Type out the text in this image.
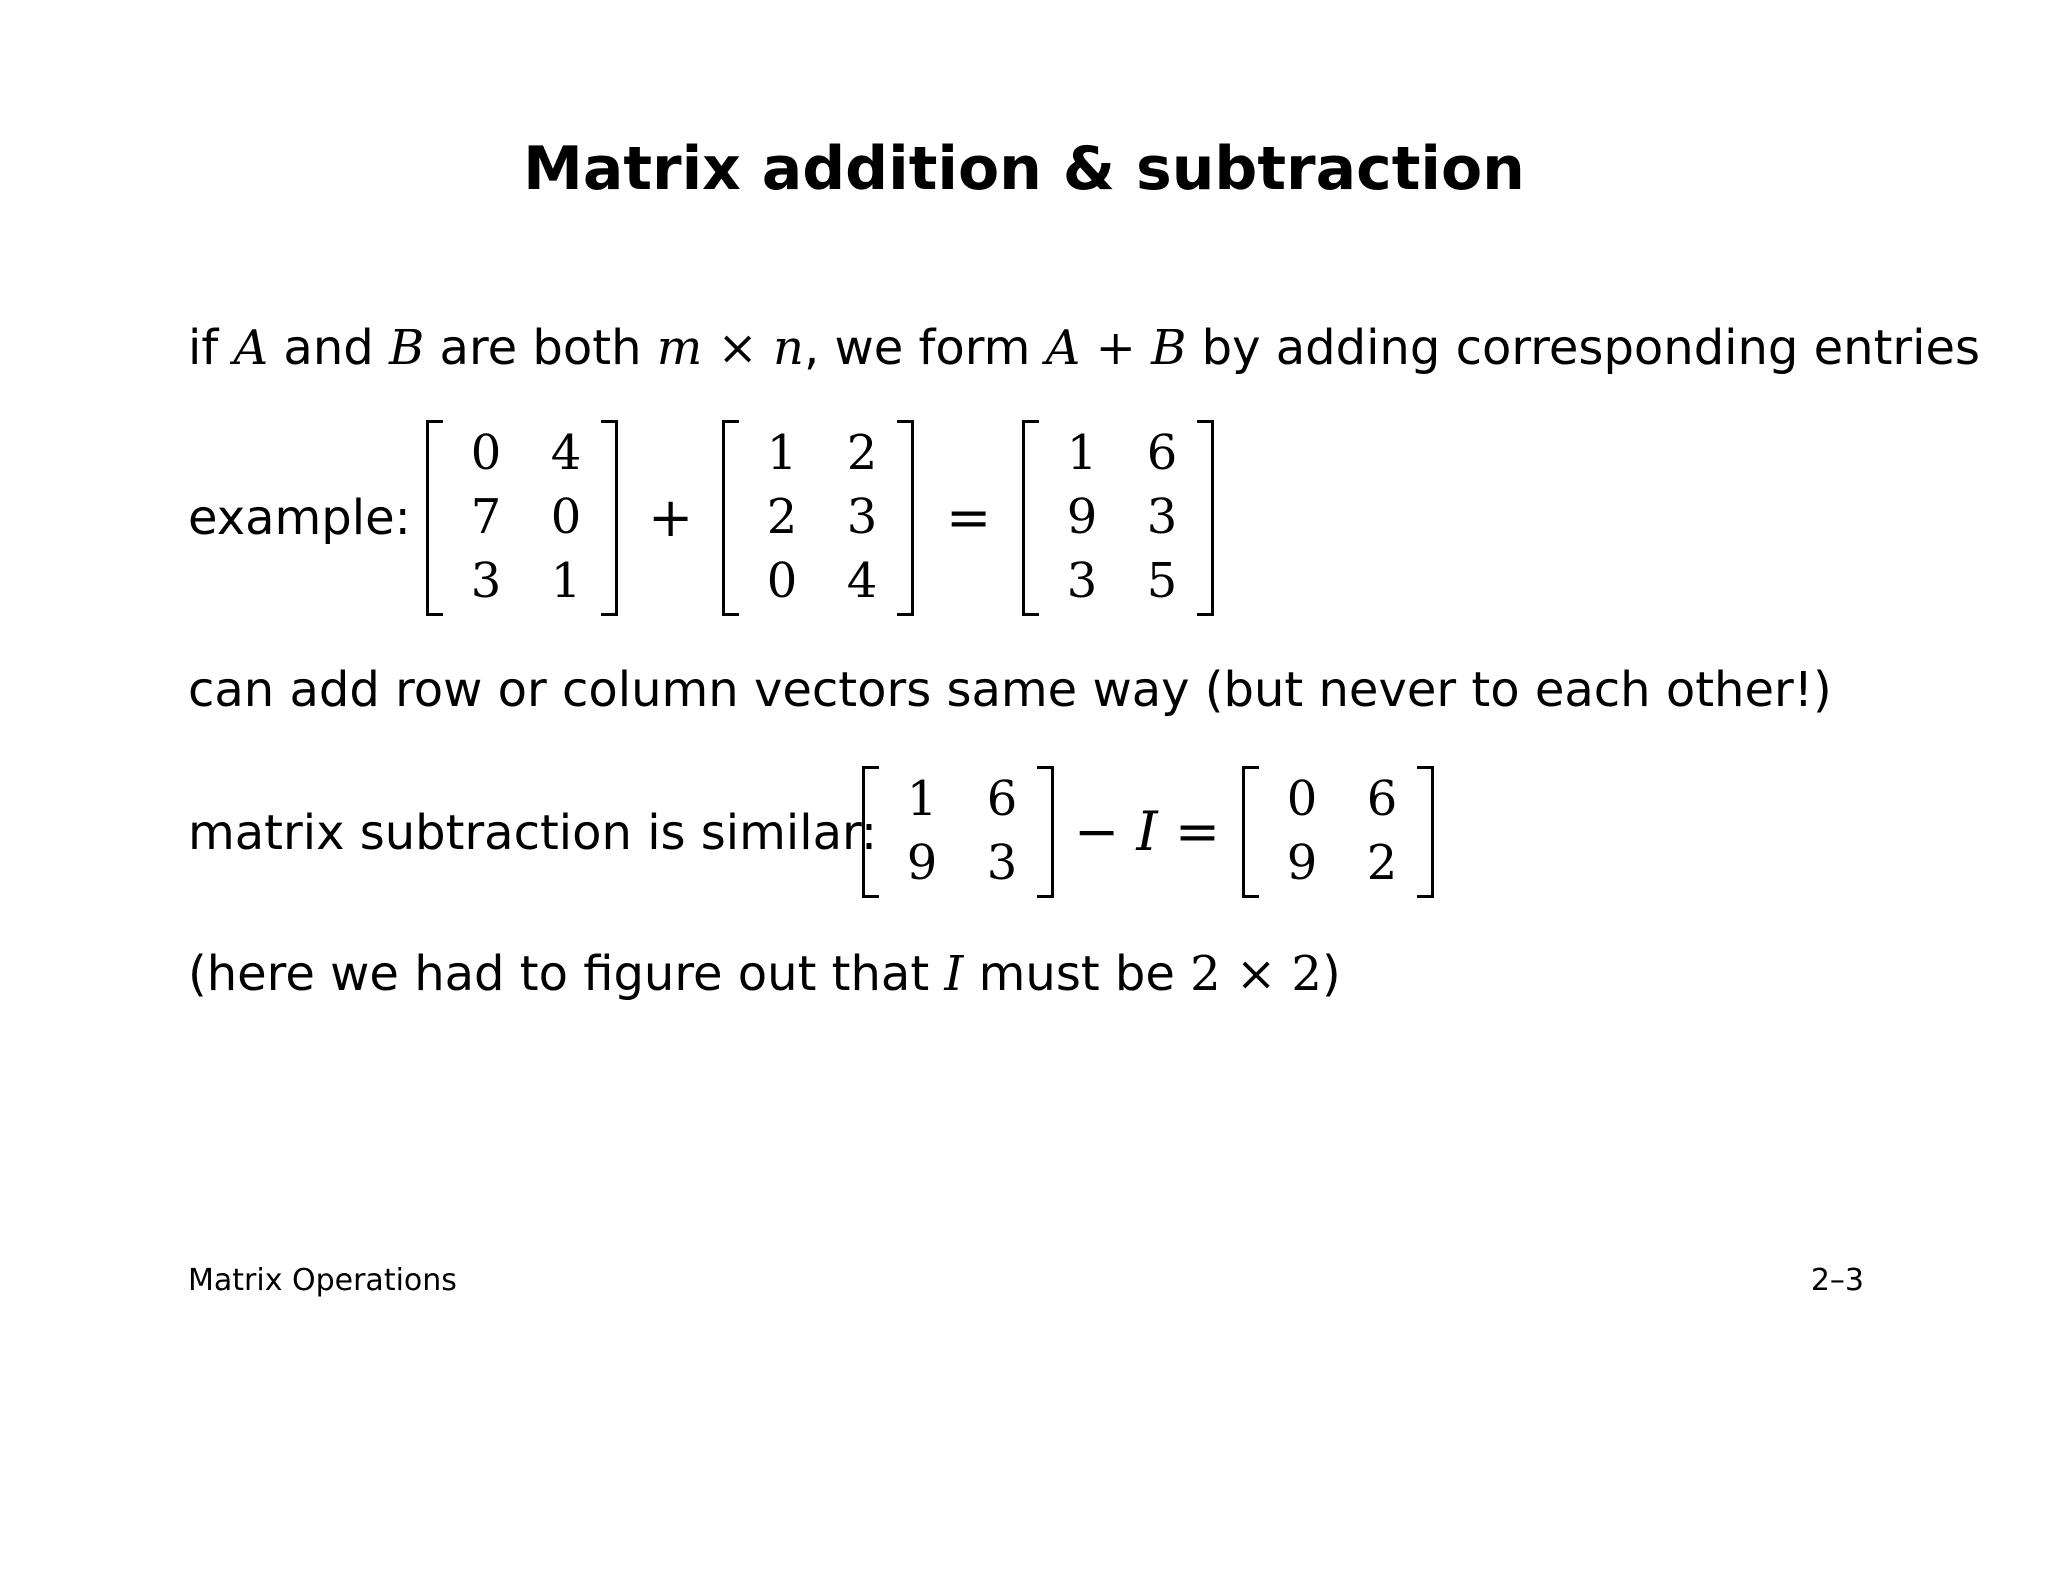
Matrix addition & subtraction
if A and B are both m × n, we form A + B by adding corresponding entries
example:
0	4
7	0
3	1
+
1	2
2	3
0	4
=
1	6
9	3
3	5
can add row or column vectors same way (but never to each other!)
matrix subtraction is similar:
1	6
9	3 − I =
0	6
9	2
(here we had to figure out that I must be 2 × 2)
Matrix Operations	2–3
